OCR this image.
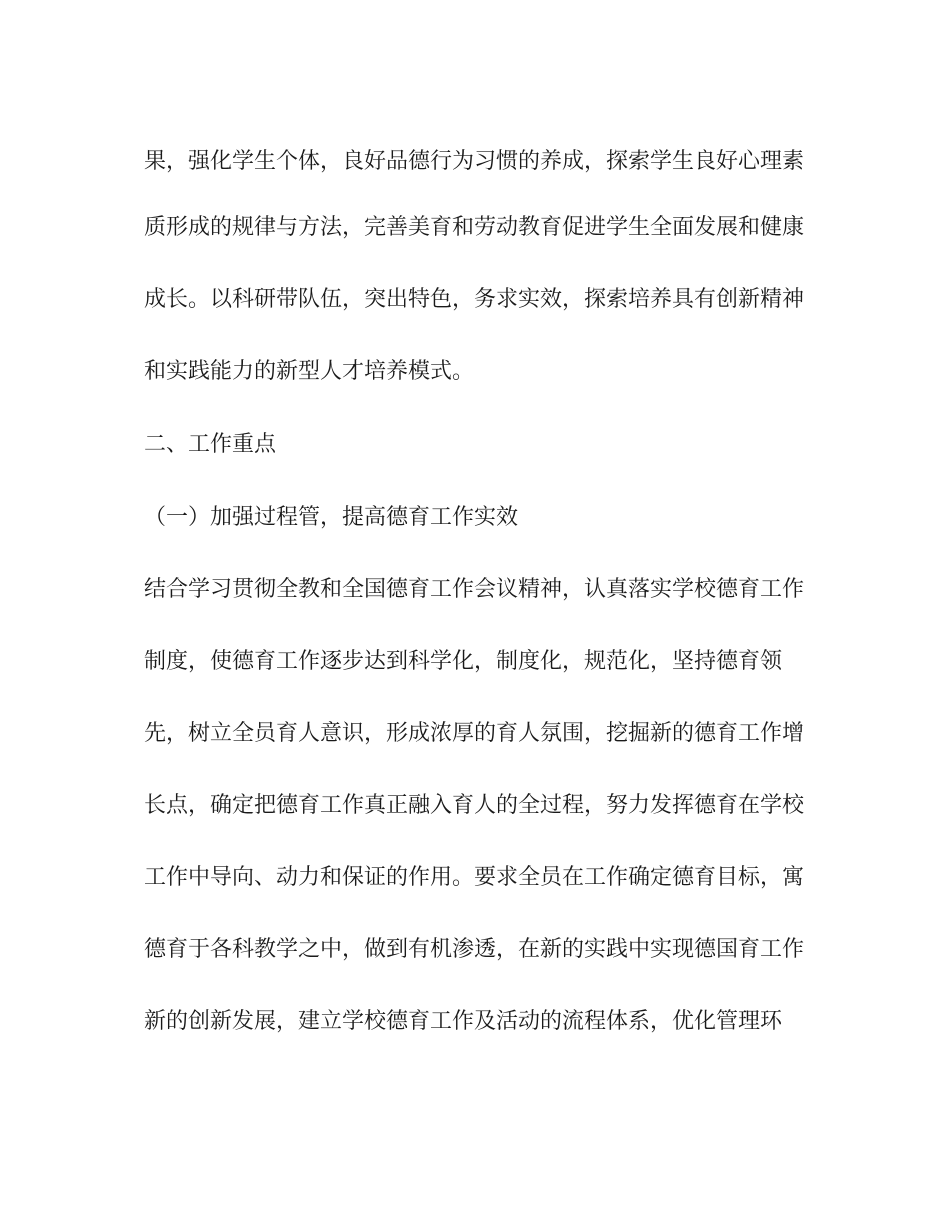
果，强化学生个体，良好品德行为习惯的养成，探索学生良好心理素
质形成的规律与方法，完善美育和劳动教育促进学生全面发展和健康
成长。以科研带队伍，突出特色，务求实效，探索培养具有创新精神
和实践能力的新型人才培养模式。
二、工作重点
（一）加强过程管，提高德育工作实效
结合学习贯彻全教和全国德育工作会议精神，认真落实学校德育工作
制度，使德育工作逐步达到科学化，制度化，规范化，坚持德育领
先，树立全员育人意识，形成浓厚的育人氛围，挖掘新的德育工作增
长点，确定把德育工作真正融入育人的全过程，努力发挥德育在学校
工作中导向、动力和保证的作用。要求全员在工作确定德育目标，寓
德育于各科教学之中，做到有机渗透，在新的实践中实现德国育工作
新的创新发展，建立学校德育工作及活动的流程体系，优化管理环
